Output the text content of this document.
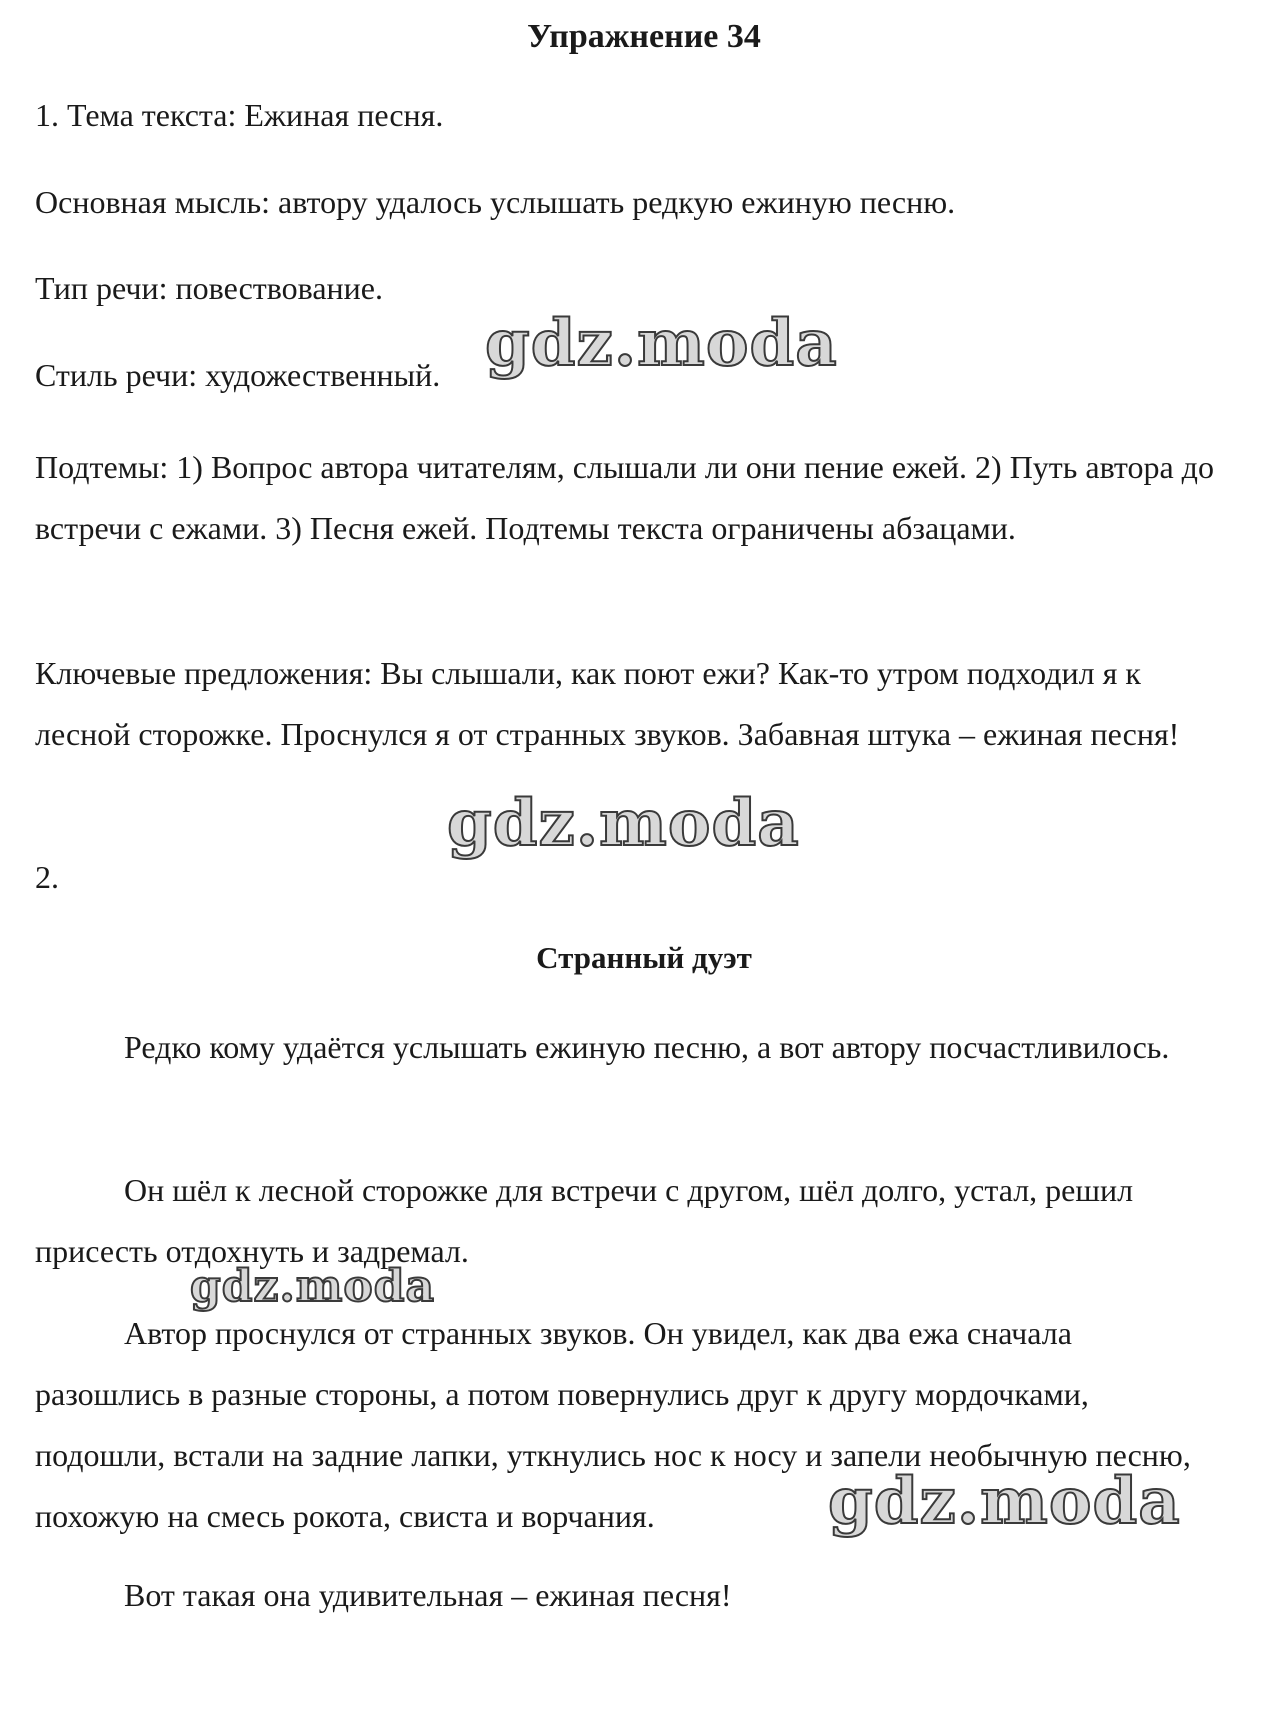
Упражнение 34
1. Тема текста: Ежиная песня.
Основная мысль: автору удалось услышать редкую ежиную песню.
Тип речи: повествование.
Стиль речи: художественный.
Подтемы: 1) Вопрос автора читателям, слышали ли они пение ежей. 2) Путь автора до встречи с ежами. 3) Песня ежей. Подтемы текста ограничены абзацами.
Ключевые предложения: Вы слышали, как поют ежи? Как-то утром подходил я к лесной сторожке. Проснулся я от странных звуков. Забавная штука – ежиная песня!
2.
Странный дуэт
Редко кому удаётся услышать ежиную песню, а вот автору посчастливилось.
Он шёл к лесной сторожке для встречи с другом, шёл долго, устал, решил присесть отдохнуть и задремал.
Автор проснулся от странных звуков. Он увидел, как два ежа сначала разошлись в разные стороны, а потом повернулись друг к другу мордочками, подошли, встали на задние лапки, уткнулись нос к носу и запели необычную песню, похожую на смесь рокота, свиста и ворчания.
Вот такая она удивительная – ежиная песня!
gdz.moda
gdz.moda
gdz.moda
gdz.moda
